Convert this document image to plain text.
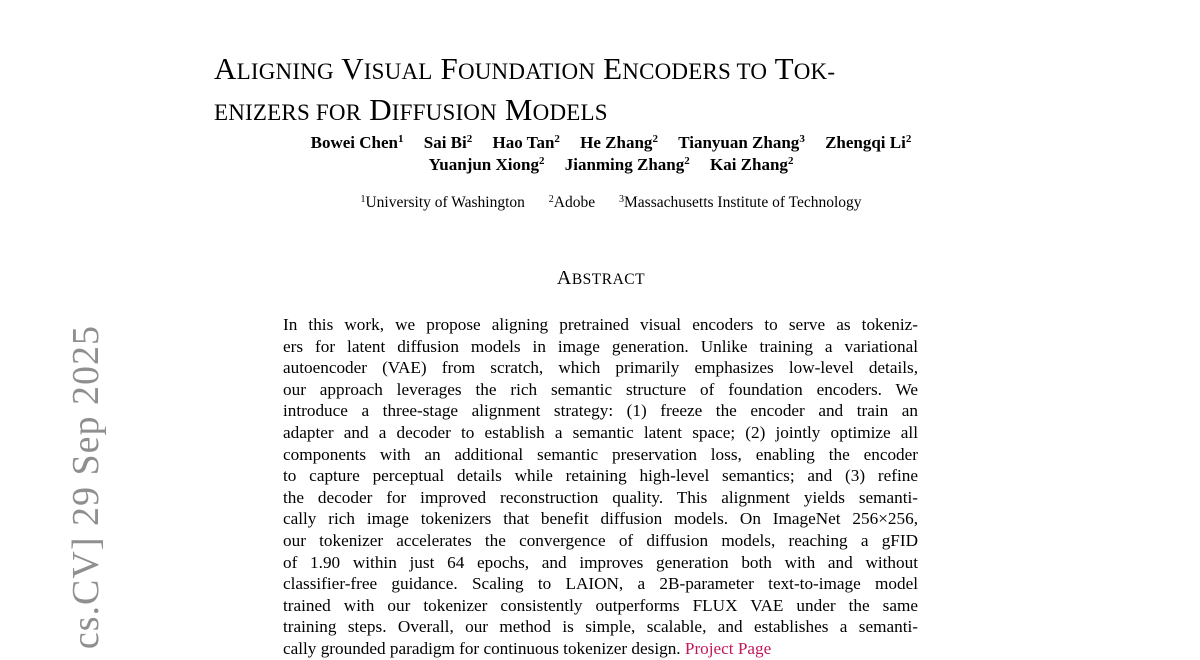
cs.CV] 29 Sep 2025
ALIGNING VISUAL FOUNDATION ENCODERS TO TOK-
ENIZERS FOR DIFFUSION MODELS
Bowei Chen$^1$ Sai Bi$^2$ Hao Tan$^2$ He Zhang$^2$ Tianyuan Zhang$^3$ Zhengqi Li$^2$
Yuanjun Xiong$^2$ Jianming Zhang$^2$ Kai Zhang$^2$
$^1$University of Washington $^2$Adobe $^3$Massachusetts Institute of Technology
ABSTRACT
In this work, we propose aligning pretrained visual encoders to serve as tokeniz-
ers for latent diffusion models in image generation. Unlike training a variational
autoencoder (VAE) from scratch, which primarily emphasizes low-level details,
our approach leverages the rich semantic structure of foundation encoders. We
introduce a three-stage alignment strategy: (1) freeze the encoder and train an
adapter and a decoder to establish a semantic latent space; (2) jointly optimize all
components with an additional semantic preservation loss, enabling the encoder
to capture perceptual details while retaining high-level semantics; and (3) refine
the decoder for improved reconstruction quality. This alignment yields semanti-
cally rich image tokenizers that benefit diffusion models. On ImageNet 256×256,
our tokenizer accelerates the convergence of diffusion models, reaching a gFID
of 1.90 within just 64 epochs, and improves generation both with and without
classifier-free guidance. Scaling to LAION, a 2B-parameter text-to-image model
trained with our tokenizer consistently outperforms FLUX VAE under the same
training steps. Overall, our method is simple, scalable, and establishes a semanti-
cally grounded paradigm for continuous tokenizer design. Project Page
